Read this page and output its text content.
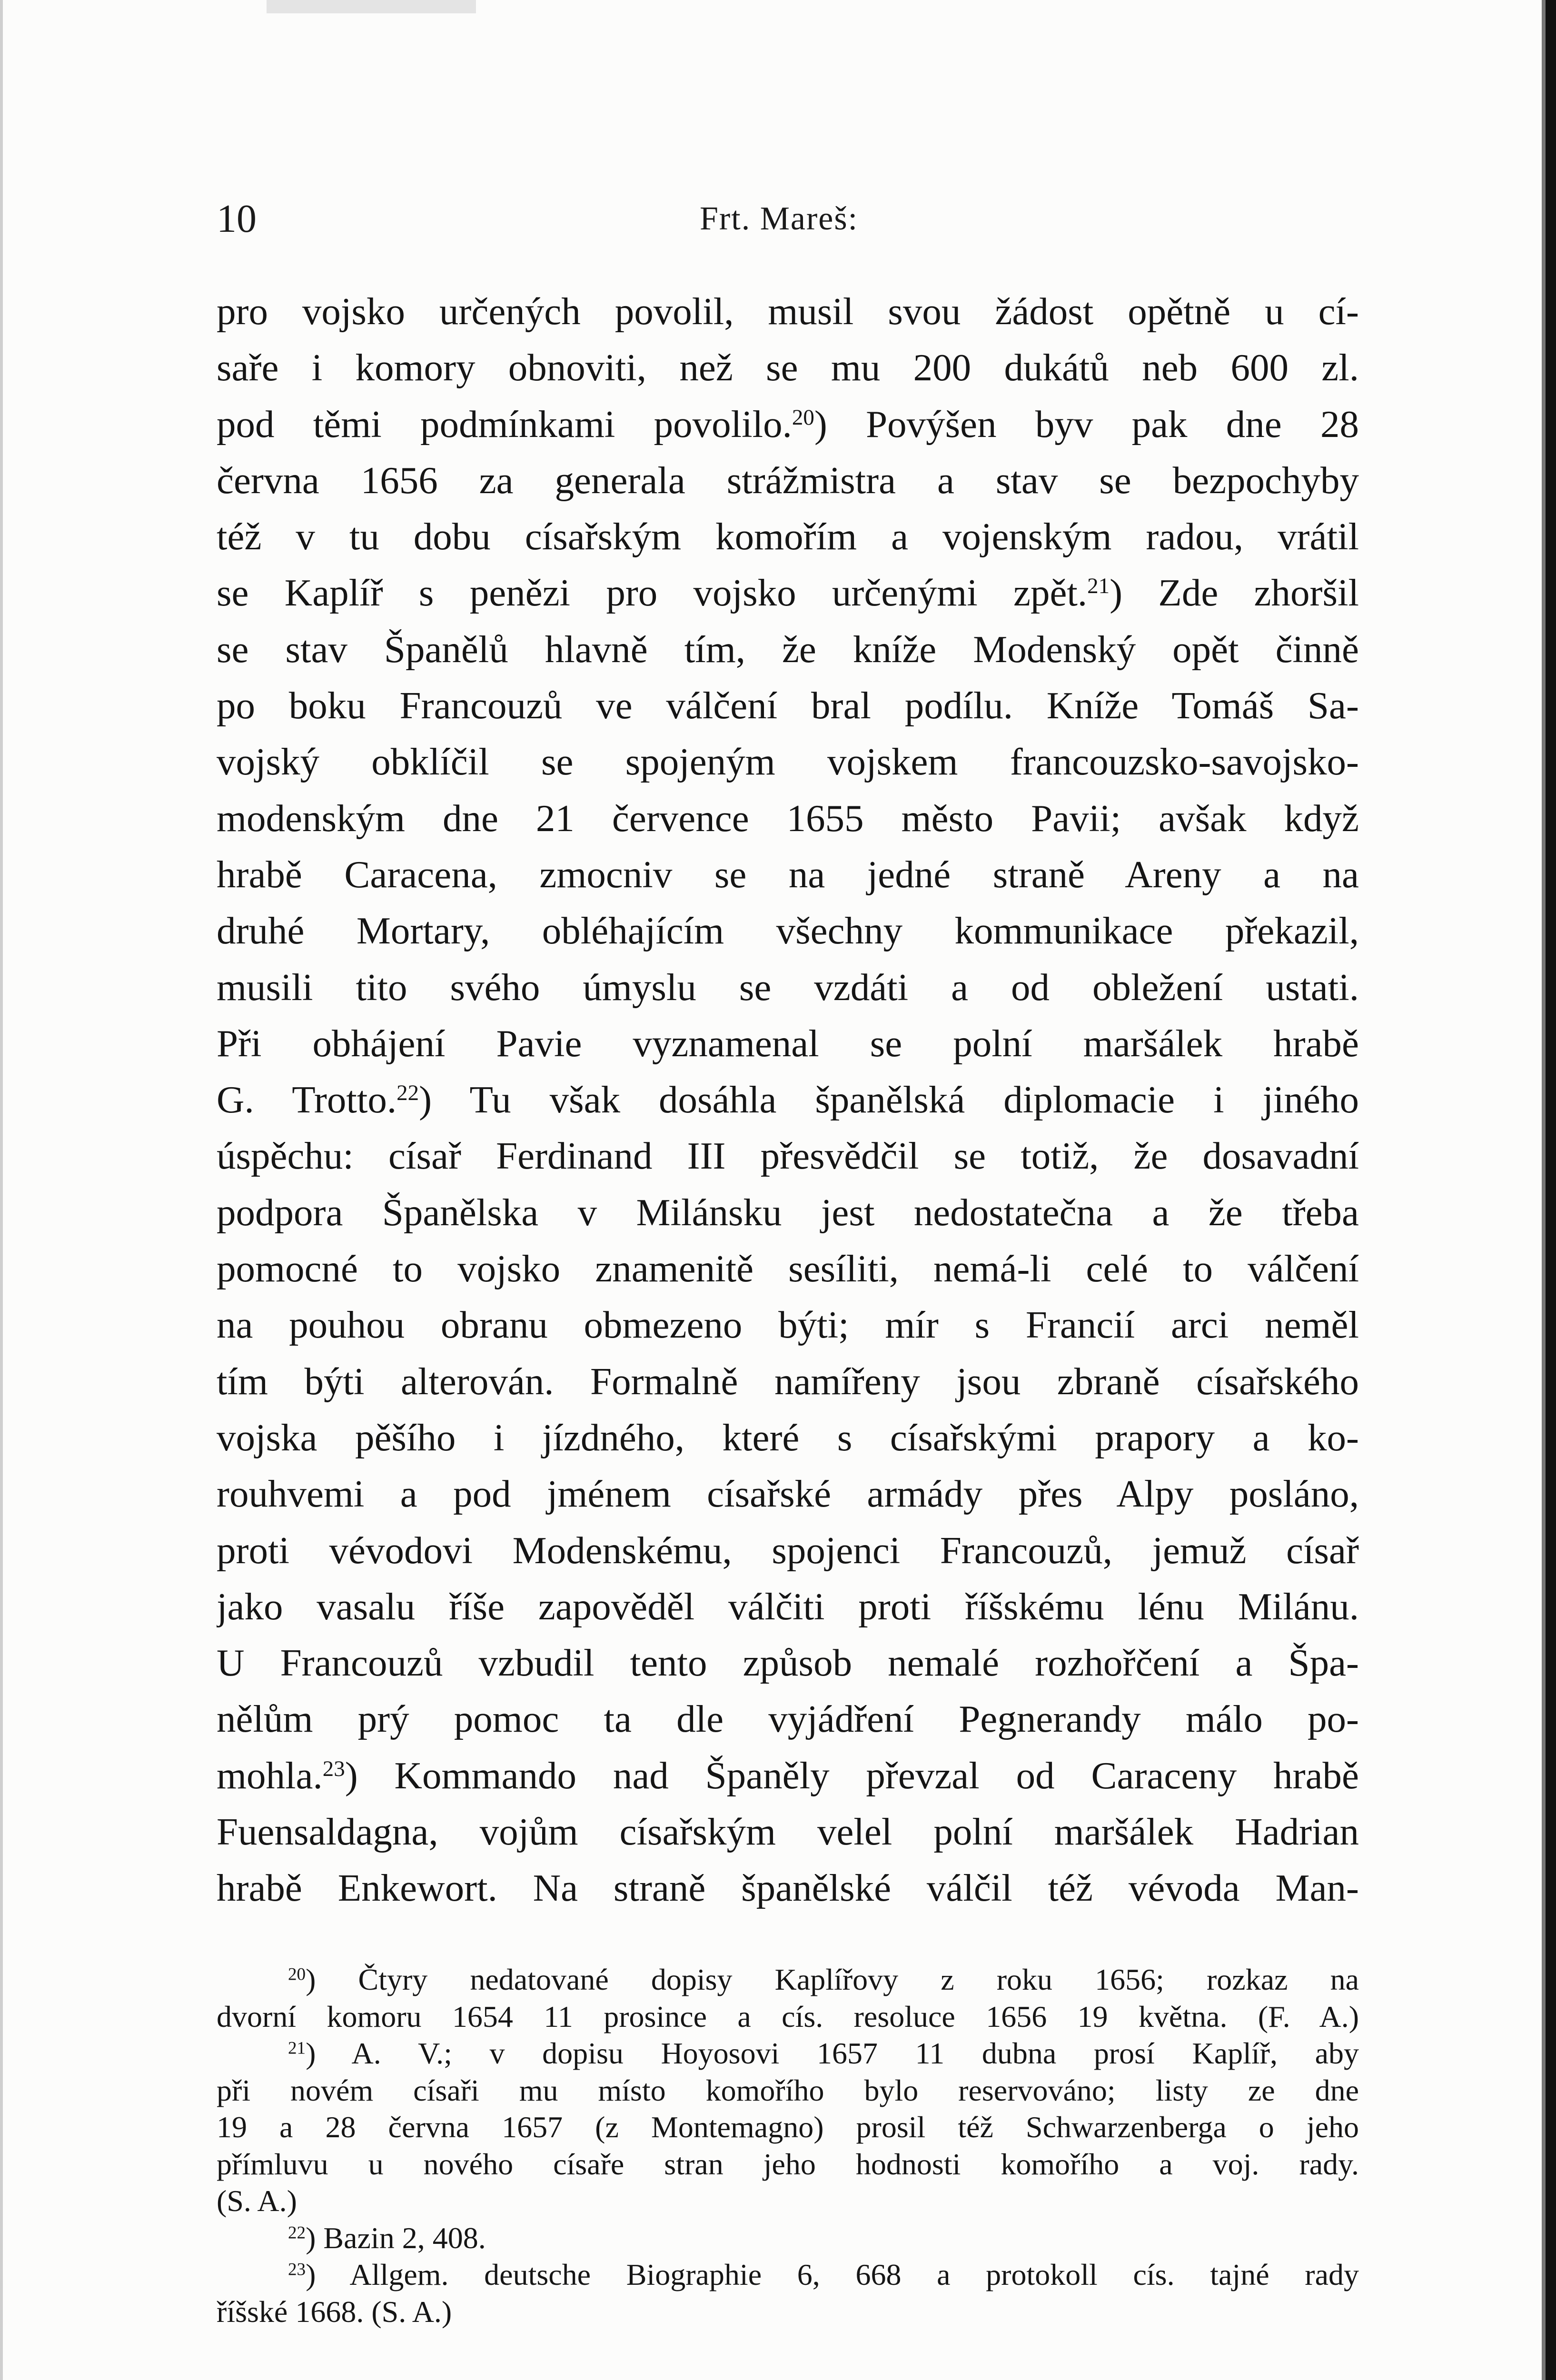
10	Frt. Mareš:
pro vojsko určených povolil, musil svou žádost opětně u cí-
saře i komory obnoviti, než se mu 200 dukátů neb 600 zl.
pod těmi podmínkami povolilo.$^{20}$) Povýšen byv pak dne 28
června 1656 za generala strážmistra a stav se bezpochyby
též v tu dobu císařským komořím a vojenským radou, vrátil
se Kaplíř s penězi pro vojsko určenými zpět.$^{21}$) Zde zhoršil
se stav Španělů hlavně tím, že kníže Modenský opět činně
po boku Francouzů ve válčení bral podílu. Kníže Tomáš Sa-
vojský obklíčil se spojeným vojskem francouzsko-savojsko-
modenským dne 21 července 1655 město Pavii; avšak když
hrabě Caracena, zmocniv se na jedné straně Areny a na
druhé Mortary, obléhajícím všechny kommunikace překazil,
musili tito svého úmyslu se vzdáti a od obležení ustati.
Při obhájení Pavie vyznamenal se polní maršálek hrabě
G. Trotto.$^{22}$) Tu však dosáhla španělská diplomacie i jiného
úspěchu: císař Ferdinand III přesvědčil se totiž, že dosavadní
podpora Španělska v Milánsku jest nedostatečna a že třeba
pomocné to vojsko znamenitě sesíliti, nemá-li celé to válčení
na pouhou obranu obmezeno býti; mír s Francií arci neměl
tím býti alterován. Formalně namířeny jsou zbraně císařského
vojska pěšího i jízdného, které s císařskými prapory a ko-
rouhvemi a pod jménem císařské armády přes Alpy posláno,
proti vévodovi Modenskému, spojenci Francouzů, jemuž císař
jako vasalu říše zapověděl válčiti proti říšskému lénu Milánu.
U Francouzů vzbudil tento způsob nemalé rozhořčení a Špa-
nělům prý pomoc ta dle vyjádření Pegnerandy málo po-
mohla.$^{23}$) Kommando nad Španěly převzal od Caraceny hrabě
Fuensaldagna, vojům císařským velel polní maršálek Hadrian
hrabě Enkewort. Na straně španělské válčil též vévoda Man-
$^{20}$) Čtyry nedatované dopisy Kaplířovy z roku 1656; rozkaz na
dvorní komoru 1654 11 prosince a cís. resoluce 1656 19 května. (F. A.)
$^{21}$) A. V.; v dopisu Hoyosovi 1657 11 dubna prosí Kaplíř, aby
při novém císaři mu místo komořího bylo reservováno; listy ze dne
19 a 28 června 1657 (z Montemagno) prosil též Schwarzenberga o jeho
přímluvu u nového císaře stran jeho hodnosti komořího a voj. rady.
(S. A.)
$^{22}$) Bazin 2, 408.
$^{23}$) Allgem. deutsche Biographie 6, 668 a protokoll cís. tajné rady
říšské 1668. (S. A.)
